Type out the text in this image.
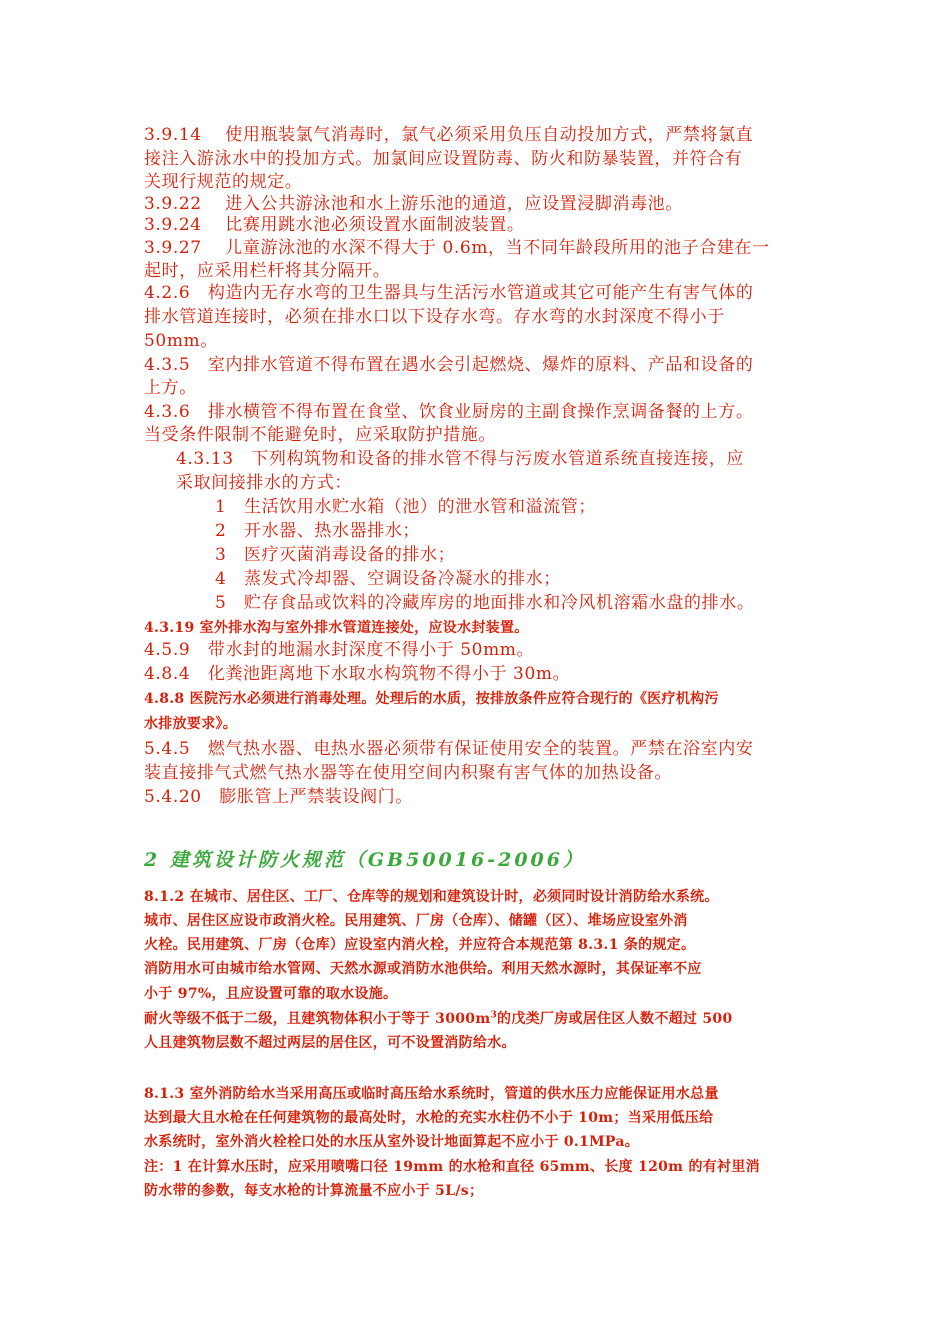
3.9.14　 使用瓶装氯气消毒时，氯气必须采用负压自动投加方式，严禁将氯直
接注入游泳水中的投加方式。加氯间应设置防毒、防火和防暴装置，并符合有
关现行规范的规定。
3.9.22　 进入公共游泳池和水上游乐池的通道，应设置浸脚消毒池。
3.9.24　 比赛用跳水池必须设置水面制波装置。
3.9.27　 儿童游泳池的水深不得大于 0.6m，当不同年龄段所用的池子合建在一
起时，应采用栏杆将其分隔开。
4.2.6　构造内无存水弯的卫生器具与生活污水管道或其它可能产生有害气体的
排水管道连接时，必须在排水口以下设存水弯。存水弯的水封深度不得小于
50mm。
4.3.5　室内排水管道不得布置在遇水会引起燃烧、爆炸的原料、产品和设备的
上方。
4.3.6　排水横管不得布置在食堂、饮食业厨房的主副食操作烹调备餐的上方。
当受条件限制不能避免时，应采取防护措施。
4.3.13　下列构筑物和设备的排水管不得与污废水管道系统直接连接，应
采取间接排水的方式：
1　生活饮用水贮水箱（池）的泄水管和溢流管；
2　开水器、热水器排水；
3　医疗灭菌消毒设备的排水；
4　蒸发式冷却器、空调设备冷凝水的排水；
5　贮存食品或饮料的冷藏库房的地面排水和冷风机溶霜水盘的排水。
4.3.19 室外排水沟与室外排水管道连接处，应设水封装置。
4.5.9　带水封的地漏水封深度不得小于 50mm。
4.8.4　化粪池距离地下水取水构筑物不得小于 30m。
4.8.8 医院污水必须进行消毒处理。处理后的水质，按排放条件应符合现行的《医疗机构污
水排放要求》。
5.4.5　燃气热水器、电热水器必须带有保证使用安全的装置。严禁在浴室内安
装直接排气式燃气热水器等在使用空间内积聚有害气体的加热设备。
5.4.20　膨胀管上严禁装设阀门。
2 建筑设计防火规范（GB50016-2006）
8.1.2 在城市、居住区、工厂、仓库等的规划和建筑设计时，必须同时设计消防给水系统。
城市、居住区应设市政消火栓。民用建筑、厂房（仓库）、储罐（区）、堆场应设室外消
火栓。民用建筑、厂房（仓库）应设室内消火栓，并应符合本规范第 8.3.1 条的规定。
消防用水可由城市给水管网、天然水源或消防水池供给。利用天然水源时，其保证率不应
小于 97%，且应设置可靠的取水设施。
耐火等级不低于二级，且建筑物体积小于等于 $3000m^3$的戊类厂房或居住区人数不超过 500
人且建筑物层数不超过两层的居住区，可不设置消防给水。
8.1.3 室外消防给水当采用高压或临时高压给水系统时，管道的供水压力应能保证用水总量
达到最大且水枪在任何建筑物的最高处时，水枪的充实水柱仍不小于 10m；当采用低压给
水系统时，室外消火栓栓口处的水压从室外设计地面算起不应小于 0.1MPa。
注：1 在计算水压时，应采用喷嘴口径 19mm 的水枪和直径 65mm、长度 120m 的有衬里消
防水带的参数，每支水枪的计算流量不应小于 5L/s；
